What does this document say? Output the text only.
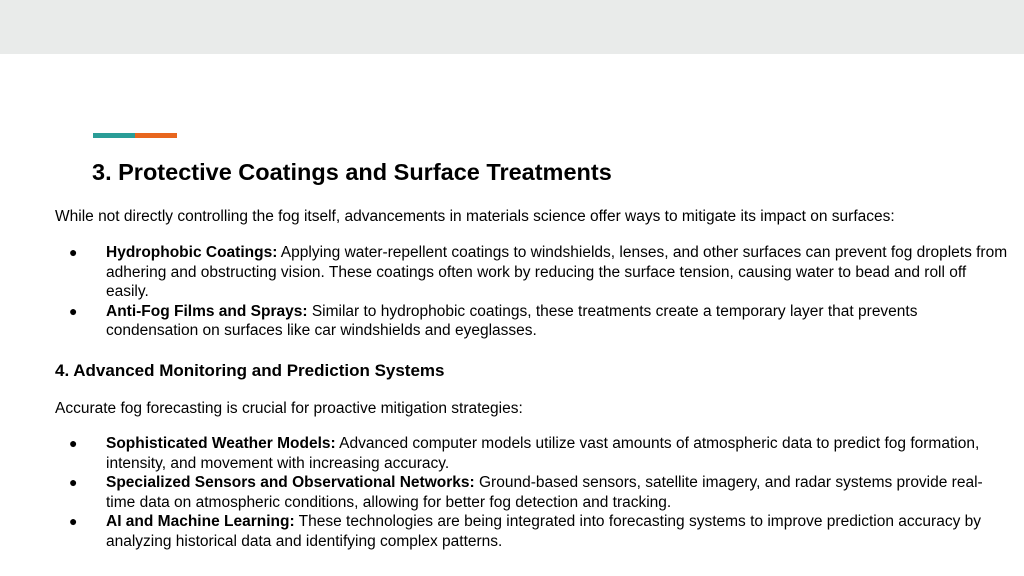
3. Protective Coatings and Surface Treatments

While not directly controlling the fog itself, advancements in materials science offer ways to mitigate its impact on surfaces:

● Hydrophobic Coatings: Applying water-repellent coatings to windshields, lenses, and other surfaces can prevent fog droplets from adhering and obstructing vision. These coatings often work by reducing the surface tension, causing water to bead and roll off easily.
● Anti-Fog Films and Sprays: Similar to hydrophobic coatings, these treatments create a temporary layer that prevents condensation on surfaces like car windshields and eyeglasses.
4. Advanced Monitoring and Prediction Systems

Accurate fog forecasting is crucial for proactive mitigation strategies:

● Sophisticated Weather Models: Advanced computer models utilize vast amounts of atmospheric data to predict fog formation, intensity, and movement with increasing accuracy.
● Specialized Sensors and Observational Networks: Ground-based sensors, satellite imagery, and radar systems provide real-time data on atmospheric conditions, allowing for better fog detection and tracking.
● AI and Machine Learning: These technologies are being integrated into forecasting systems to improve prediction accuracy by analyzing historical data and identifying complex patterns.
